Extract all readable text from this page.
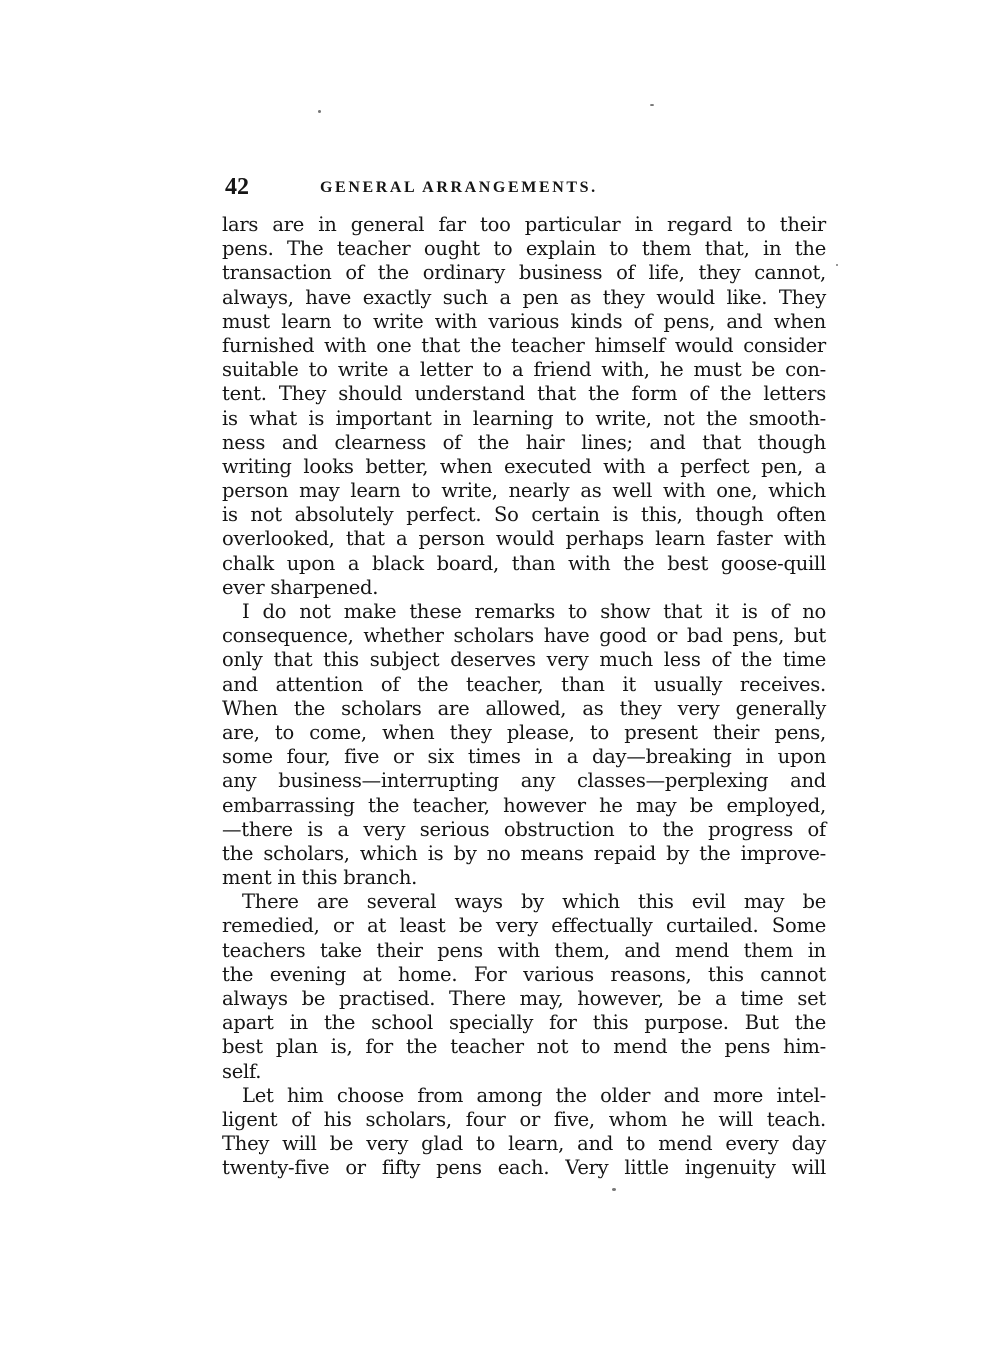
42	GENERAL ARRANGEMENTS.
lars are in general far too particular in regard to their
pens. The teacher ought to explain to them that, in the
transaction of the ordinary business of life, they cannot,
always, have exactly such a pen as they would like. They
must learn to write with various kinds of pens, and when
furnished with one that the teacher himself would consider
suitable to write a letter to a friend with, he must be con-
tent. They should understand that the form of the letters
is what is important in learning to write, not the smooth-
ness and clearness of the hair lines; and that though
writing looks better, when executed with a perfect pen, a
person may learn to write, nearly as well with one, which
is not absolutely perfect. So certain is this, though often
overlooked, that a person would perhaps learn faster with
chalk upon a black board, than with the best goose-quill
ever sharpened.
I do not make these remarks to show that it is of no
consequence, whether scholars have good or bad pens, but
only that this subject deserves very much less of the time
and attention of the teacher, than it usually receives.
When the scholars are allowed, as they very generally
are, to come, when they please, to present their pens,
some four, five or six times in a day—breaking in upon
any business—interrupting any classes—perplexing and
embarrassing the teacher, however he may be employed,
—there is a very serious obstruction to the progress of
the scholars, which is by no means repaid by the improve-
ment in this branch.
There are several ways by which this evil may be
remedied, or at least be very effectually curtailed. Some
teachers take their pens with them, and mend them in
the evening at home. For various reasons, this cannot
always be practised. There may, however, be a time set
apart in the school specially for this purpose. But the
best plan is, for the teacher not to mend the pens him-
self.
Let him choose from among the older and more intel-
ligent of his scholars, four or five, whom he will teach.
They will be very glad to learn, and to mend every day
twenty-five or fifty pens each. Very little ingenuity will
